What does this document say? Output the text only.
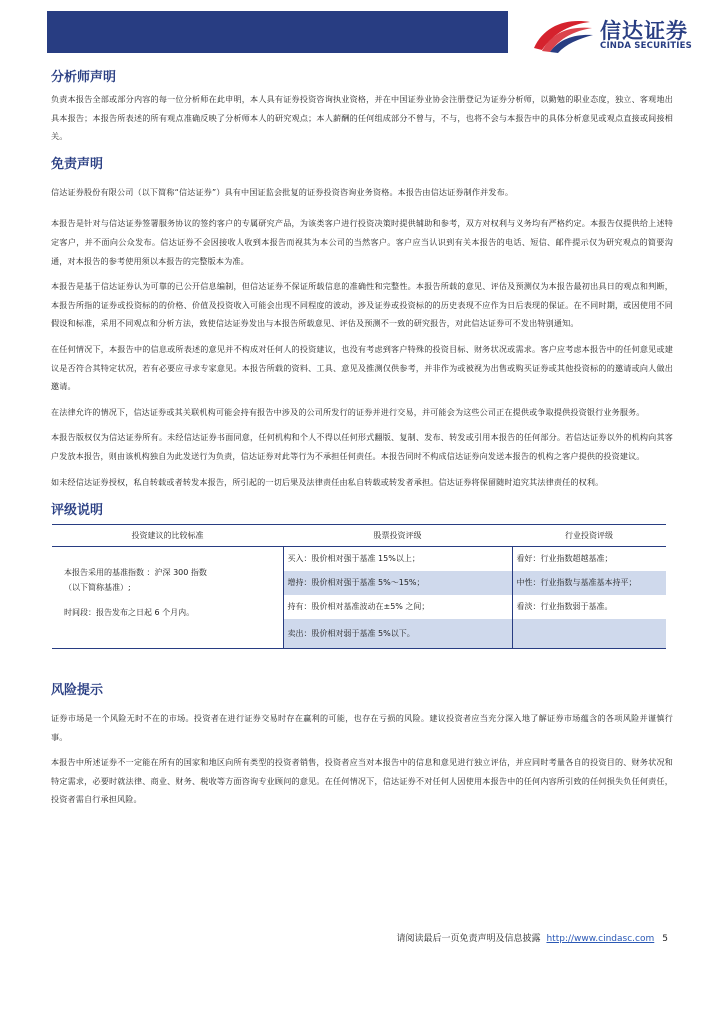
信达证券
CINDA SECURITIES
分析师声明

负责本报告全部或部分内容的每一位分析师在此申明，本人具有证券投资咨询执业资格，并在中国证券业协会注册登记为证券分析师，以勤勉的职业态度，独立、客观地出具本报告；本报告所表述的所有观点准确反映了分析师本人的研究观点；本人薪酬的任何组成部分不曾与，不与，也将不会与本报告中的具体分析意见或观点直接或间接相关。

免责声明

信达证券股份有限公司（以下简称“信达证券”）具有中国证监会批复的证券投资咨询业务资格。本报告由信达证券制作并发布。

本报告是针对与信达证券签署服务协议的签约客户的专属研究产品，为该类客户进行投资决策时提供辅助和参考，双方对权利与义务均有严格约定。本报告仅提供给上述特定客户，并不面向公众发布。信达证券不会因接收人收到本报告而视其为本公司的当然客户。客户应当认识到有关本报告的电话、短信、邮件提示仅为研究观点的简要沟通，对本报告的参考使用须以本报告的完整版本为准。

本报告是基于信达证券认为可靠的已公开信息编制，但信达证券不保证所载信息的准确性和完整性。本报告所载的意见、评估及预测仅为本报告最初出具日的观点和判断，本报告所指的证券或投资标的的价格、价值及投资收入可能会出现不同程度的波动，涉及证券或投资标的的历史表现不应作为日后表现的保证。在不同时期，或因使用不同假设和标准，采用不同观点和分析方法，致使信达证券发出与本报告所载意见、评估及预测不一致的研究报告，对此信达证券可不发出特别通知。

在任何情况下，本报告中的信息或所表述的意见并不构成对任何人的投资建议，也没有考虑到客户特殊的投资目标、财务状况或需求。客户应考虑本报告中的任何意见或建议是否符合其特定状况，若有必要应寻求专家意见。本报告所载的资料、工具、意见及推测仅供参考，并非作为或被视为出售或购买证券或其他投资标的的邀请或向人做出邀请。

在法律允许的情况下，信达证券或其关联机构可能会持有报告中涉及的公司所发行的证券并进行交易，并可能会为这些公司正在提供或争取提供投资银行业务服务。

本报告版权仅为信达证券所有。未经信达证券书面同意，任何机构和个人不得以任何形式翻版、复制、发布、转发或引用本报告的任何部分。若信达证券以外的机构向其客户发放本报告，则由该机构独自为此发送行为负责，信达证券对此等行为不承担任何责任。本报告同时不构成信达证券向发送本报告的机构之客户提供的投资建议。

如未经信达证券授权，私自转载或者转发本报告，所引起的一切后果及法律责任由私自转载或转发者承担。信达证券将保留随时追究其法律责任的权利。

评级说明
投资建议的比较标准	股票投资评级	行业投资评级

本报告采用的基准指数 ：沪深 300 指数
（以下简称基准）;
时间段：报告发布之日起 6 个月内。	买入：股价相对强于基准 15%以上；	看好：行业指数超越基准；
	增持：股价相对强于基准 5%～15%；	中性：行业指数与基准基本持平；
	持有：股价相对基准波动在±5% 之间；	看淡：行业指数弱于基准。
	卖出：股价相对弱于基准 5%以下。	
风险提示

证券市场是一个风险无时不在的市场。投资者在进行证券交易时存在赢利的可能，也存在亏损的风险。建议投资者应当充分深入地了解证券市场蕴含的各项风险并谨慎行事。

本报告中所述证券不一定能在所有的国家和地区向所有类型的投资者销售，投资者应当对本报告中的信息和意见进行独立评估，并应同时考量各自的投资目的、财务状况和特定需求，必要时就法律、商业、财务、税收等方面咨询专业顾问的意见。在任何情况下，信达证券不对任何人因使用本报告中的任何内容所引致的任何损失负任何责任，投资者需自行承担风险。

请阅读最后一页免责声明及信息披露 http://www.cindasc.com 5
